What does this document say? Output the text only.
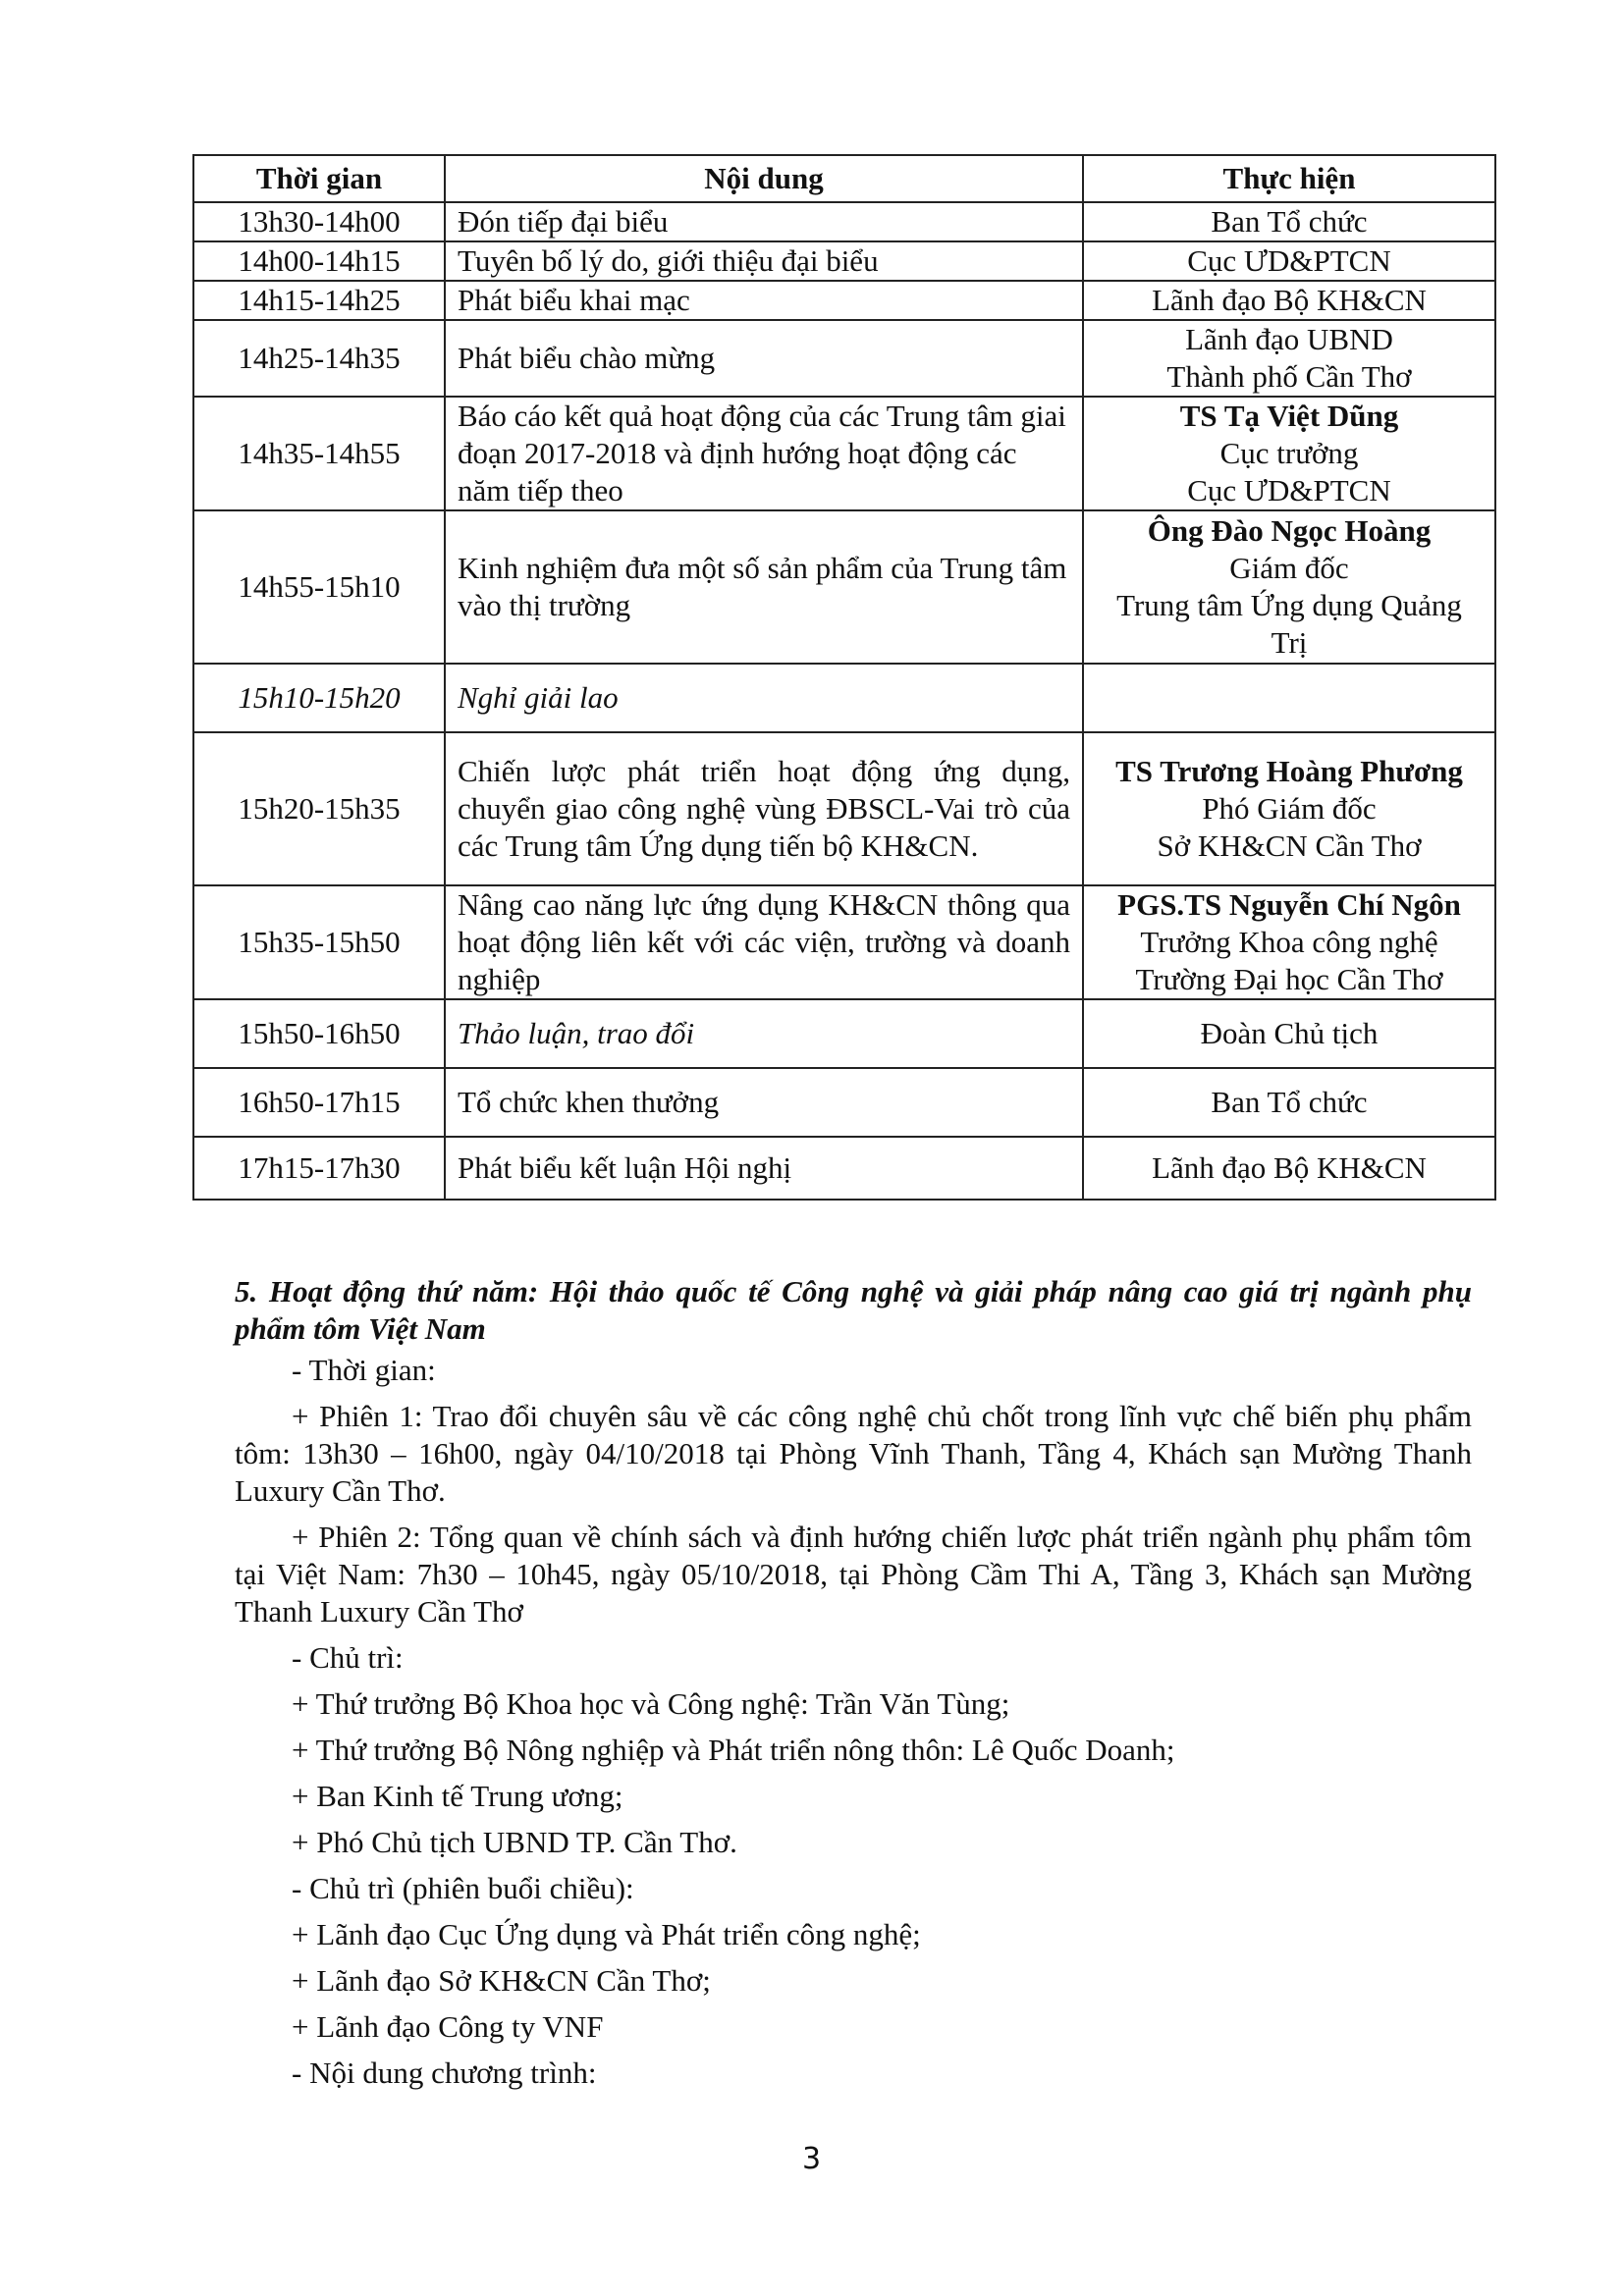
Thời gian	Nội dung	Thực hiện
13h30-14h00	Đón tiếp đại biểu	Ban Tổ chức
14h00-14h15	Tuyên bố lý do, giới thiệu đại biểu	Cục ƯD&PTCN
14h15-14h25	Phát biểu khai mạc	Lãnh đạo Bộ KH&CN
14h25-14h35	Phát biểu chào mừng	Lãnh đạo UBND
Thành phố Cần Thơ

14h35-14h55	Báo cáo kết quả hoạt động của các Trung tâm giai đoạn 2017-2018 và định hướng hoạt động các năm tiếp theo	TS Tạ Việt Dũng
Cục trưởng
Cục ƯD&PTCN

14h55-15h10	Kinh nghiệm đưa một số sản phẩm của Trung tâm vào thị trường	Ông Đào Ngọc Hoàng
Giám đốc
Trung tâm Ứng dụng Quảng Trị

15h10-15h20	Nghỉ giải lao	
15h20-15h35	Chiến lược phát triển hoạt động ứng dụng, chuyển giao công nghệ vùng ĐBSCL-Vai trò của các Trung tâm Ứng dụng tiến bộ KH&CN.	TS Trương Hoàng Phương
Phó Giám đốc
Sở KH&CN Cần Thơ

15h35-15h50	Nâng cao năng lực ứng dụng KH&CN thông qua hoạt động liên kết với các viện, trường và doanh nghiệp	PGS.TS Nguyễn Chí Ngôn
Trưởng Khoa công nghệ
Trường Đại học Cần Thơ

15h50-16h50	Thảo luận, trao đổi	Đoàn Chủ tịch
16h50-17h15	Tổ chức khen thưởng	Ban Tổ chức
17h15-17h30	Phát biểu kết luận Hội nghị	Lãnh đạo Bộ KH&CN

5. Hoạt động thứ năm: Hội thảo quốc tế Công nghệ và giải pháp nâng cao giá trị ngành phụ phẩm tôm Việt Nam

- Thời gian:

+ Phiên 1: Trao đổi chuyên sâu về các công nghệ chủ chốt trong lĩnh vực chế biến phụ phẩm tôm: 13h30 – 16h00, ngày 04/10/2018 tại Phòng Vĩnh Thanh, Tầng 4, Khách sạn Mường Thanh Luxury Cần Thơ.

+ Phiên 2: Tổng quan về chính sách và định hướng chiến lược phát triển ngành phụ phẩm tôm tại Việt Nam: 7h30 – 10h45, ngày 05/10/2018, tại Phòng Cầm Thi A, Tầng 3, Khách sạn Mường Thanh Luxury Cần Thơ

- Chủ trì:

+ Thứ trưởng Bộ Khoa học và Công nghệ: Trần Văn Tùng;

+ Thứ trưởng Bộ Nông nghiệp và Phát triển nông thôn: Lê Quốc Doanh;

+ Ban Kinh tế Trung ương;

+ Phó Chủ tịch UBND TP. Cần Thơ.

- Chủ trì (phiên buổi chiều):

+ Lãnh đạo Cục Ứng dụng và Phát triển công nghệ;

+ Lãnh đạo Sở KH&CN Cần Thơ;

+ Lãnh đạo Công ty VNF

- Nội dung chương trình:

3
